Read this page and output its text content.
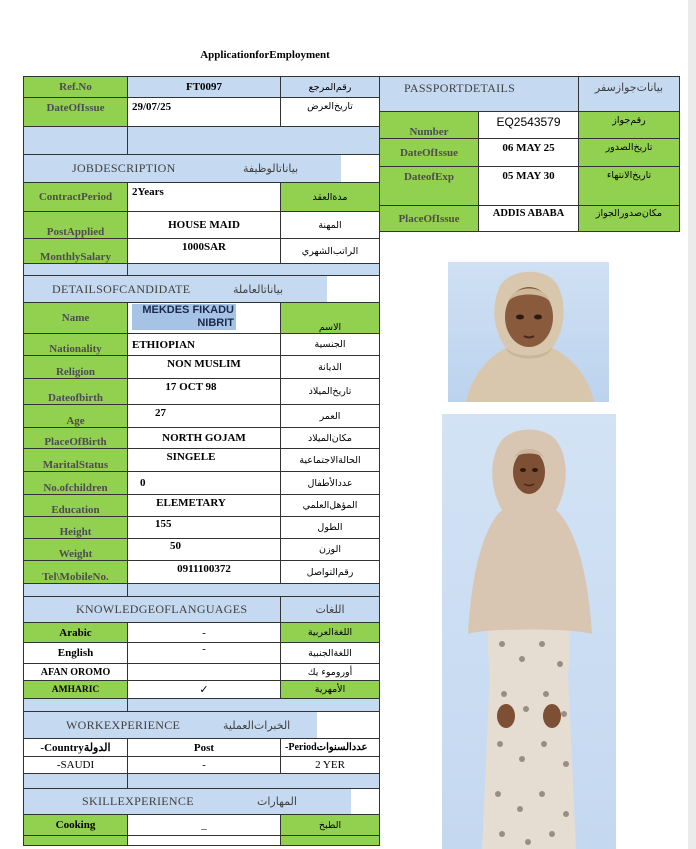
ApplicationforEmployment
Ref.No	FT0097	رقم‌المرجع
DateOfIssue	29/07/25	تاريخ‌العرض

JOBDESCRIPTION	بياناتالوظيفة
ContractPeriod	2Years	مدةالعقد
PostApplied	HOUSE MAID	المهنة
MonthlySalary	1000SAR	الراتب‌الشهري

DETAILSOFCANDIDATE	بياناتالعاملة
Name	MEKDES FIKADU NIBRIT	الاسم
Nationality	ETHIOPIAN	الجنسية
Religion	NON MUSLIM	الديانة
Dateofbirth	17 OCT 98	تاريخ‌الميلاد
Age	27	العمر
PlaceOfBirth	NORTH GOJAM	مكان‌الميلاد
MaritalStatus	SINGELE	الحالةالاجتماعية
No.ofchildren	0	عددالأطفال
Education	ELEMETARY	المؤهل‌العلمي
Height	155	الطول
Weight	50	الوزن
Tel\MobileNo.	0911100372	رقم‌التواصل

KNOWLEDGEOFLANGUAGES	اللغات
Arabic	-	اللغةالعربية
English	-	اللغةالجنبية
AFAN OROMO		أوروموء يك
AMHARIC	✓	الأمهرية

WORKEXPERIENCE	الخبرات‌العملية
-Countryالدولة	Post	-Periodعددالسنوات
-SAUDI	-	2 YER

SKILLEXPERIENCE	المهارات
Cooking	_	الطبخ

PASSPORTDETAILS		بيانات‌جوازسفر
Number	EQ2543579	رقم‌جواز
DateOfIssue	06 MAY 25	تاريخ‌الصدور
DateofExp	05 MAY 30	تاريخ‌الانتهاء
PlaceOfIssue	ADDIS ABABA	مكان‌صدورالجواز
